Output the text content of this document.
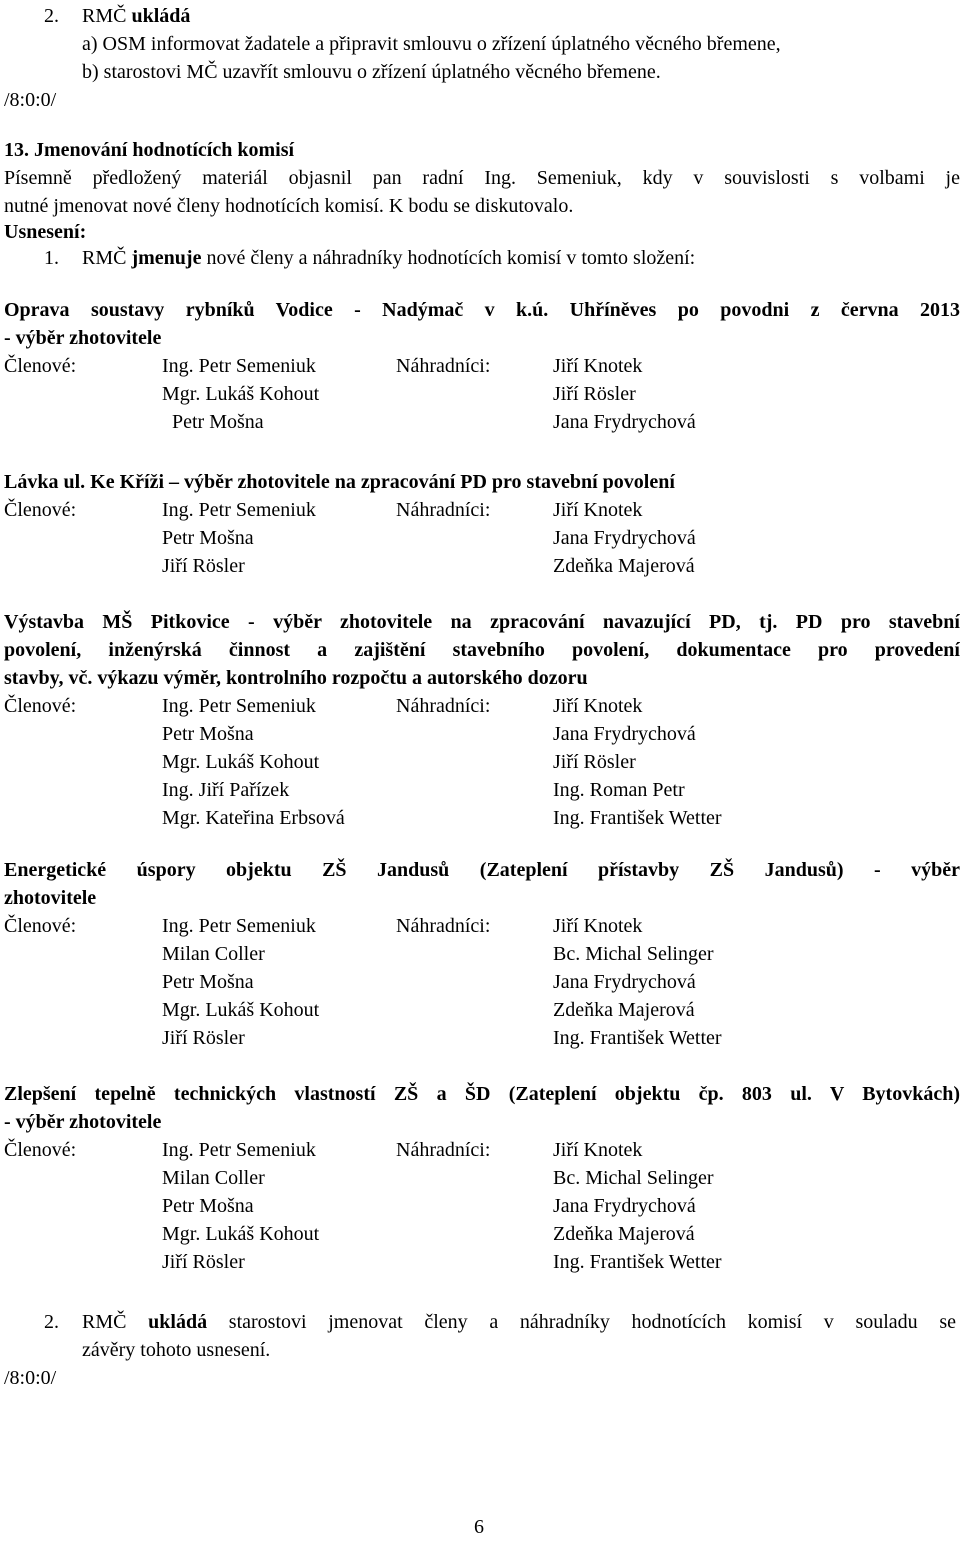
2. RMČ ukládá
a) OSM informovat žadatele a připravit smlouvu o zřízení úplatného věcného břemene,
b) starostovi MČ uzavřít smlouvu o zřízení úplatného věcného břemene.
/8:0:0/
13. Jmenování hodnotících komisí
Písemně předložený materiál objasnil pan radní Ing. Semeniuk, kdy v souvislosti s volbami je
nutné jmenovat nové členy hodnotících komisí. K bodu se diskutovalo.
Usnesení:
1. RMČ jmenuje nové členy a náhradníky hodnotících komisí v tomto složení:
Oprava soustavy rybníků Vodice - Nadýmač v k.ú. Uhříněves po povodni z června 2013
- výběr zhotovitele
Členové:	Náhradníci:
Ing. Petr Semeniuk	Jiří Knotek
Mgr. Lukáš Kohout	Jiří Rösler
Petr Mošna	Jana Frydrychová
Lávka ul. Ke Kříži – výběr zhotovitele na zpracování PD pro stavební povolení
Členové:	Náhradníci:
Ing. Petr Semeniuk	Jiří Knotek
Petr Mošna	Jana Frydrychová
Jiří Rösler	Zdeňka Majerová
Výstavba MŠ Pitkovice - výběr zhotovitele na zpracování navazující PD, tj. PD pro stavební
povolení, inženýrská činnost a zajištění stavebního povolení, dokumentace pro provedení
stavby, vč. výkazu výměr, kontrolního rozpočtu a autorského dozoru
Členové:	Náhradníci:
Ing. Petr Semeniuk	Jiří Knotek
Petr Mošna	Jana Frydrychová
Mgr. Lukáš Kohout	Jiří Rösler
Ing. Jiří Pařízek	Ing. Roman Petr
Mgr. Kateřina Erbsová	Ing. František Wetter
Energetické úspory objektu ZŠ Jandusů (Zateplení přístavby ZŠ Jandusů) - výběr
zhotovitele
Členové:	Náhradníci:
Ing. Petr Semeniuk	Jiří Knotek
Milan Coller	Bc. Michal Selinger
Petr Mošna	Jana Frydrychová
Mgr. Lukáš Kohout	Zdeňka Majerová
Jiří Rösler	Ing. František Wetter
Zlepšení tepelně technických vlastností ZŠ a ŠD (Zateplení objektu čp. 803 ul. V Bytovkách)
- výběr zhotovitele
Členové:	Náhradníci:
Ing. Petr Semeniuk	Jiří Knotek
Milan Coller	Bc. Michal Selinger
Petr Mošna	Jana Frydrychová
Mgr. Lukáš Kohout	Zdeňka Majerová
Jiří Rösler	Ing. František Wetter
2. RMČ ukládá starostovi jmenovat členy a náhradníky hodnotících komisí v souladu se
závěry tohoto usnesení.
/8:0:0/
6
